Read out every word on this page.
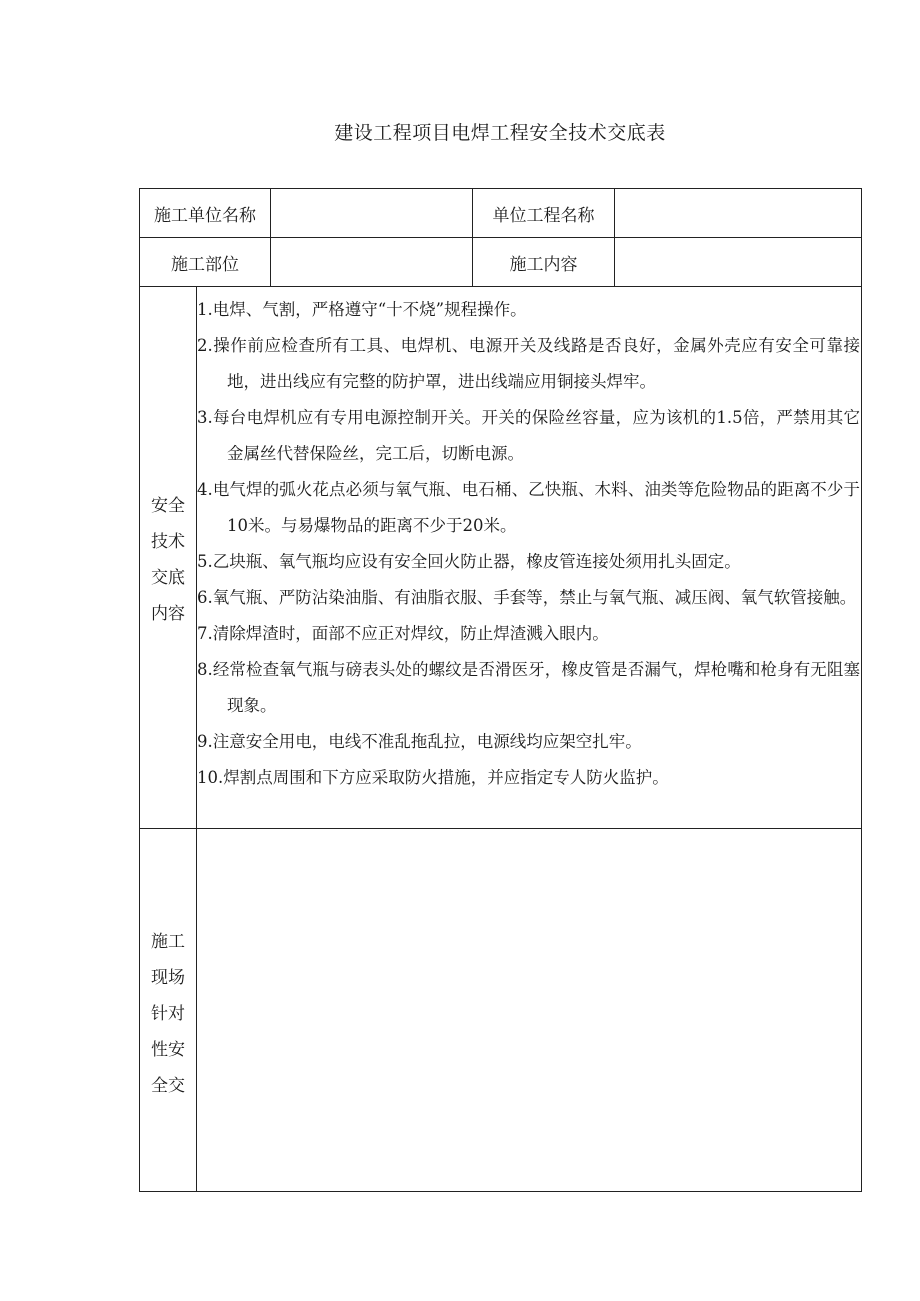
建设工程项目电焊工程安全技术交底表
施工单位名称	单位工程名称
施工部位	施工内容
安全
技术
交底
内容

1.电焊、气割，严格遵守“十不烧”规程操作。

2.操作前应检查所有工具、电焊机、电源开关及线路是否良好，金属外壳应有安全可靠接地，进出线应有完整的防护罩，进出线端应用铜接头焊牢。

3.每台电焊机应有专用电源控制开关。开关的保险丝容量，应为该机的1.5倍，严禁用其它金属丝代替保险丝，完工后，切断电源。

4.电气焊的弧火花点必须与氧气瓶、电石桶、乙快瓶、木料、油类等危险物品的距离不少于10米。与易爆物品的距离不少于20米。

5.乙块瓶、氧气瓶均应设有安全回火防止器，橡皮管连接处须用扎头固定。

6.氧气瓶、严防沾染油脂、有油脂衣服、手套等，禁止与氧气瓶、减压阀、氧气软管接触。

7.清除焊渣时，面部不应正对焊纹，防止焊渣溅入眼内。

8.经常检查氧气瓶与磅表头处的螺纹是否滑医牙，橡皮管是否漏气，焊枪嘴和枪身有无阻塞现象。

9.注意安全用电，电线不准乱拖乱拉，电源线均应架空扎牢。

10.焊割点周围和下方应采取防火措施，并应指定专人防火监护。

施工
现场
针对
性安
全交
